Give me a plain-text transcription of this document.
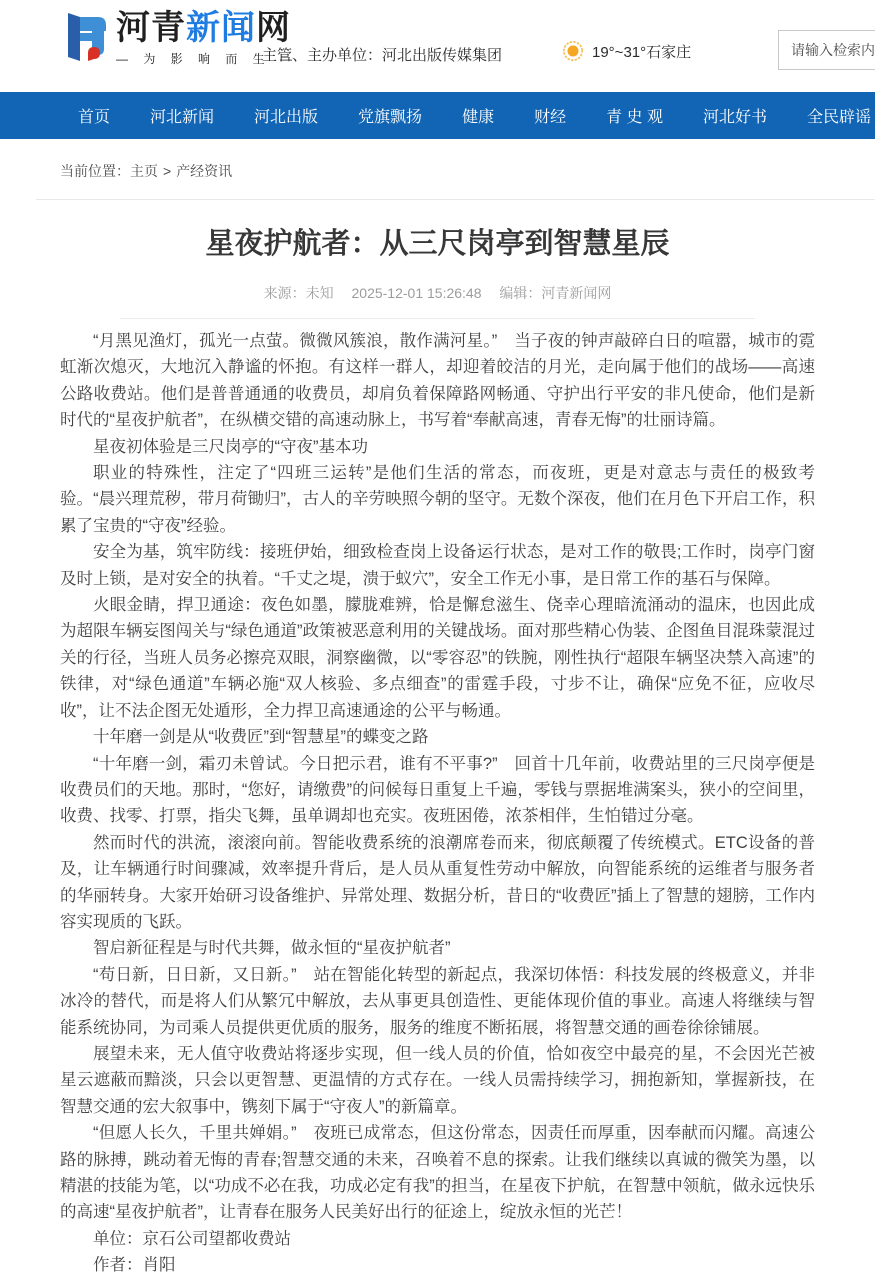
河青新闻网
— 为 影 响 而 生 —
主管、主办单位：河北出版传媒集团	19°~31°石家庄
请输入检索内容
首页	河北新闻	河北出版	党旗飘扬	健康	财经	青 史 观	河北好书	全民辟谣
当前位置：主页 > 产经资讯
星夜护航者：从三尺岗亭到智慧星辰
来源：未知 2025-12-01 15:26:48 编辑：河青新闻网

“月黑见渔灯，孤光一点萤。微微风簇浪，散作满河星。”　当子夜的钟声敲碎白日的喧嚣，城市的霓虹渐次熄灭，大地沉入静谧的怀抱。有这样一群人，却迎着皎洁的月光，走向属于他们的战场——高速公路收费站。他们是普普通通的收费员，却肩负着保障路网畅通、守护出行平安的非凡使命，他们是新时代的“星夜护航者”，在纵横交错的高速动脉上，书写着“奉献高速，青春无悔”的壮丽诗篇。

星夜初体验是三尺岗亭的“守夜”基本功

职业的特殊性，注定了“四班三运转”是他们生活的常态，而夜班，更是对意志与责任的极致考验。“晨兴理荒秽，带月荷锄归”，古人的辛劳映照今朝的坚守。无数个深夜，他们在月色下开启工作，积累了宝贵的“守夜”经验。

安全为基，筑牢防线：接班伊始，细致检查岗上设备运行状态，是对工作的敬畏;工作时，岗亭门窗及时上锁，是对安全的执着。“千丈之堤，溃于蚁穴”，安全工作无小事，是日常工作的基石与保障。

火眼金睛，捍卫通途：夜色如墨，朦胧难辨，恰是懈怠滋生、侥幸心理暗流涌动的温床，也因此成为超限车辆妄图闯关与“绿色通道”政策被恶意利用的关键战场。面对那些精心伪装、企图鱼目混珠蒙混过关的行径，当班人员务必擦亮双眼，洞察幽微，以“零容忍”的铁腕，刚性执行“超限车辆坚决禁入高速”的铁律，对“绿色通道”车辆必施“双人核验、多点细查”的雷霆手段，寸步不让，确保“应免不征，应收尽收”，让不法企图无处遁形，全力捍卫高速通途的公平与畅通。

十年磨一剑是从“收费匠”到“智慧星”的蝶变之路

“十年磨一剑，霜刃未曾试。今日把示君，谁有不平事?”　回首十几年前，收费站里的三尺岗亭便是收费员们的天地。那时，“您好，请缴费”的问候每日重复上千遍，零钱与票据堆满案头，狭小的空间里，收费、找零、打票，指尖飞舞，虽单调却也充实。夜班困倦，浓茶相伴，生怕错过分毫。

然而时代的洪流，滚滚向前。智能收费系统的浪潮席卷而来，彻底颠覆了传统模式。ETC设备的普及，让车辆通行时间骤减，效率提升背后，是人员从重复性劳动中解放，向智能系统的运维者与服务者的华丽转身。大家开始研习设备维护、异常处理、数据分析，昔日的“收费匠”插上了智慧的翅膀，工作内容实现质的飞跃。

智启新征程是与时代共舞，做永恒的“星夜护航者”

“苟日新，日日新，又日新。”　站在智能化转型的新起点，我深切体悟：科技发展的终极意义，并非冰冷的替代，而是将人们从繁冗中解放，去从事更具创造性、更能体现价值的事业。高速人将继续与智能系统协同，为司乘人员提供更优质的服务，服务的维度不断拓展，将智慧交通的画卷徐徐铺展。

展望未来，无人值守收费站将逐步实现，但一线人员的价值，恰如夜空中最亮的星，不会因光芒被星云遮蔽而黯淡，只会以更智慧、更温情的方式存在。一线人员需持续学习，拥抱新知，掌握新技，在智慧交通的宏大叙事中，镌刻下属于“守夜人”的新篇章。

“但愿人长久，千里共婵娟。”　夜班已成常态，但这份常态，因责任而厚重，因奉献而闪耀。高速公路的脉搏，跳动着无悔的青春;智慧交通的未来，召唤着不息的探索。让我们继续以真诚的微笑为墨，以精湛的技能为笔，以“功成不必在我，功成必定有我”的担当，在星夜下护航，在智慧中领航，做永远快乐的高速“星夜护航者”，让青春在服务人民美好出行的征途上，绽放永恒的光芒！

单位：京石公司望都收费站

作者：肖阳
